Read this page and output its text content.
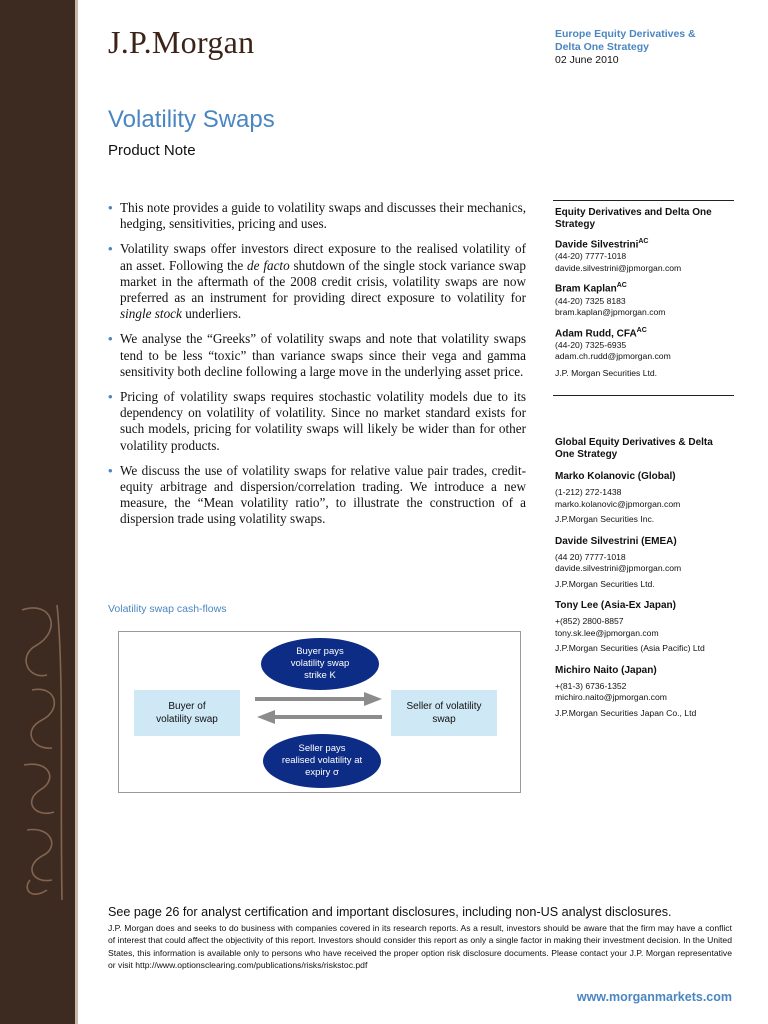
J.P.Morgan	Europe Equity Derivatives &
Delta One Strategy
02 June 2010
Volatility Swaps
Product Note
• This note provides a guide to volatility swaps and discusses their mechanics, hedging, sensitivities, pricing and uses.
• Volatility swaps offer investors direct exposure to the realised volatility of an asset. Following the de facto shutdown of the single stock variance swap market in the aftermath of the 2008 credit crisis, volatility swaps are now preferred as an instrument for providing direct exposure to volatility for single stock underliers.
• We analyse the “Greeks” of volatility swaps and note that volatility swaps tend to be less “toxic” than variance swaps since their vega and gamma sensitivity both decline following a large move in the underlying asset price.
• Pricing of volatility swaps requires stochastic volatility models due to its dependency on volatility of volatility. Since no market standard exists for such models, pricing for volatility swaps will likely be wider than for other volatility products.
• We discuss the use of volatility swaps for relative value pair trades, credit-equity arbitrage and dispersion/correlation trading. We introduce a new measure, the “Mean volatility ratio”, to illustrate the construction of a dispersion trade using volatility swaps.
Equity Derivatives and Delta One Strategy
Davide Silvestrini$^{AC}$
(44-20) 7777-1018
davide.silvestrini@jpmorgan.com
Bram Kaplan$^{AC}$
(44-20) 7325 8183
bram.kaplan@jpmorgan.com
Adam Rudd, $CFA^{AC}$
(44-20) 7325-6935
adam.ch.rudd@jpmorgan.com
J.P. Morgan Securities Ltd.
Global Equity Derivatives & Delta One Strategy
Marko Kolanovic (Global)
(1-212) 272-1438
marko.kolanovic@jpmorgan.com
J.P.Morgan Securities Inc.
Davide Silvestrini (EMEA)
(44 20) 7777-1018
davide.silvestrini@jpmorgan.com
J.P.Morgan Securities Ltd.
Tony Lee (Asia-Ex Japan)
+(852) 2800-8857
tony.sk.lee@jpmorgan.com
J.P.Morgan Securities (Asia Pacific) Ltd
Michiro Naito (Japan)
+(81-3) 6736-1352
michiro.naito@jpmorgan.com
J.P.Morgan Securities Japan Co., Ltd
Volatility swap cash-flows
Buyer of
volatility swap
Seller of volatility
swap
Buyer pays
volatility swap
strike K
Seller pays
realised volatility at
expiry σ
See page 26 for analyst certification and important disclosures, including non-US analyst disclosures.
J.P. Morgan does and seeks to do business with companies covered in its research reports. As a result, investors should be aware that the firm may have a conflict of interest that could affect the objectivity of this report. Investors should consider this report as only a single factor in making their investment decision. In the United States, this information is available only to persons who have received the proper option risk disclosure documents. Please contact your J.P. Morgan representative or visit http://www.optionsclearing.com/publications/risks/riskstoc.pdf
www.morganmarkets.com
